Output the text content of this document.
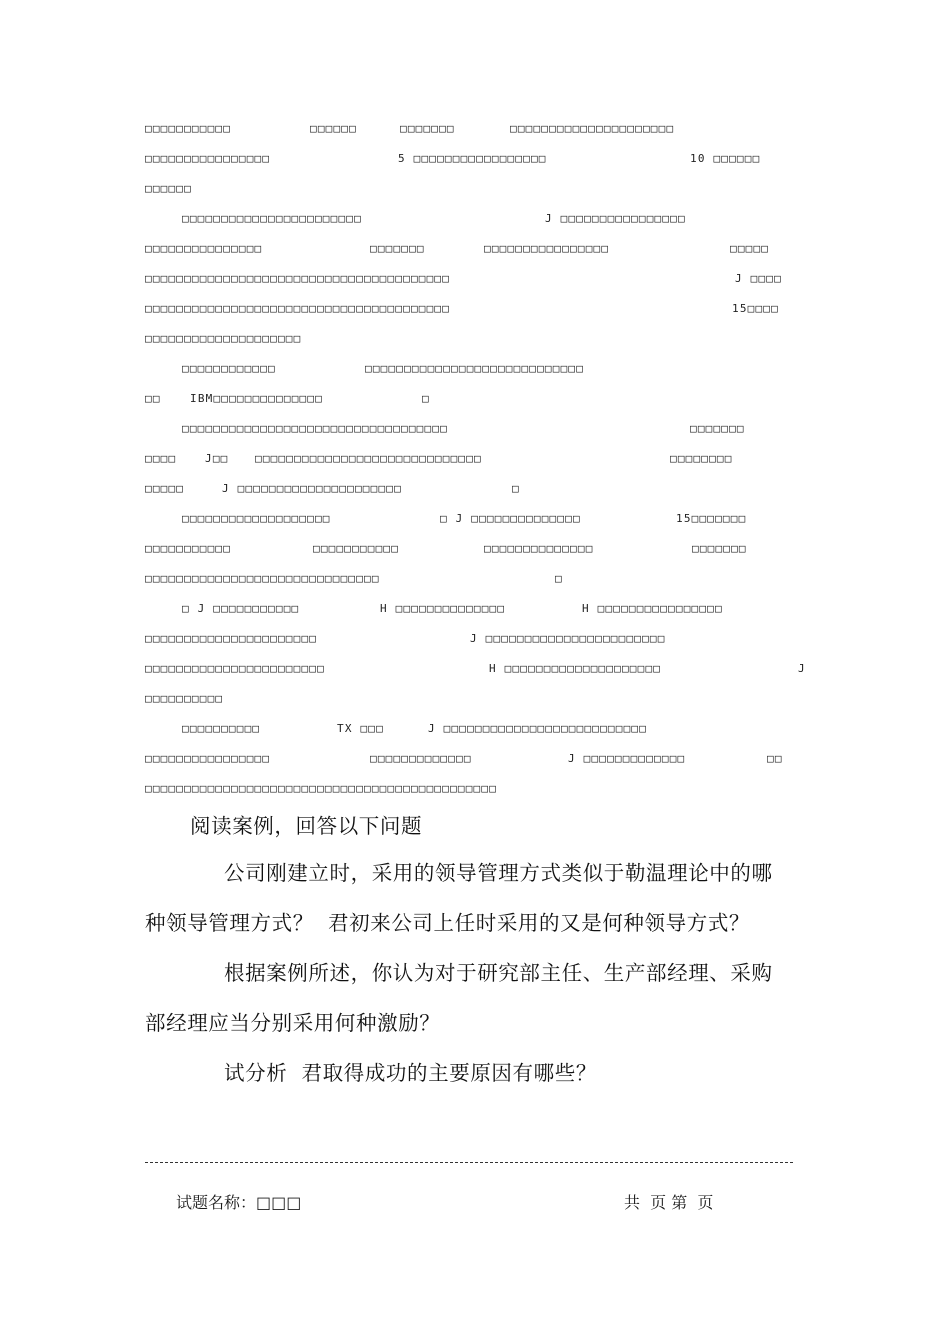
□□□□□□□□□□□	□□□□□□	□□□□□□□	□□□□□□□□□□□□□□□□□□□□□
□□□□□□□□□□□□□□□□	5 □□□□□□□□□□□□□□□□□	10 □□□□□□
□□□□□□
□□□□□□□□□□□□□□□□□□□□□□□	J □□□□□□□□□□□□□□□□
□□□□□□□□□□□□□□□	□□□□□□□	□□□□□□□□□□□□□□□□	□□□□□
□□□□□□□□□□□□□□□□□□□□□□□□□□□□□□□□□□□□□□□	J □□□□
□□□□□□□□□□□□□□□□□□□□□□□□□□□□□□□□□□□□□□□	15□□□□
□□□□□□□□□□□□□□□□□□□□
□□□□□□□□□□□□	□□□□□□□□□□□□□□□□□□□□□□□□□□□□
□□	IBM□□□□□□□□□□□□□□	□
□□□□□□□□□□□□□□□□□□□□□□□□□□□□□□□□□□	□□□□□□□
□□□□	J□□ □□□□□□□□□□□□□□□□□□□□□□□□□□□□□	□□□□□□□□
□□□□□	J □□□□□□□□□□□□□□□□□□□□□	□
□□□□□□□□□□□□□□□□□□□	□ J □□□□□□□□□□□□□□	15□□□□□□□
□□□□□□□□□□□	□□□□□□□□□□□	□□□□□□□□□□□□□□	□□□□□□□
□□□□□□□□□□□□□□□□□□□□□□□□□□□□□□	□
□ J □□□□□□□□□□□	H □□□□□□□□□□□□□□	H □□□□□□□□□□□□□□□□
□□□□□□□□□□□□□□□□□□□□□□	J □□□□□□□□□□□□□□□□□□□□□□□
□□□□□□□□□□□□□□□□□□□□□□□	H □□□□□□□□□□□□□□□□□□□□	J
□□□□□□□□□□
□□□□□□□□□□	TX □□□	J □□□□□□□□□□□□□□□□□□□□□□□□□□
□□□□□□□□□□□□□□□□	□□□□□□□□□□□□□	J □□□□□□□□□□□□□	□□
□□□□□□□□□□□□□□□□□□□□□□□□□□□□□□□□□□□□□□□□□□□□□
阅读案例，回答以下问题
公司刚建立时，采用的领导管理方式类似于勒温理论中的哪
种领导管理方式？  君初来公司上任时采用的又是何种领导方式？
根据案例所述，你认为对于研究部主任、生产部经理、采购
部经理应当分别采用何种激励？
试分析  君取得成功的主要原因有哪些？
试题名称：□□□	共  页 第  页
